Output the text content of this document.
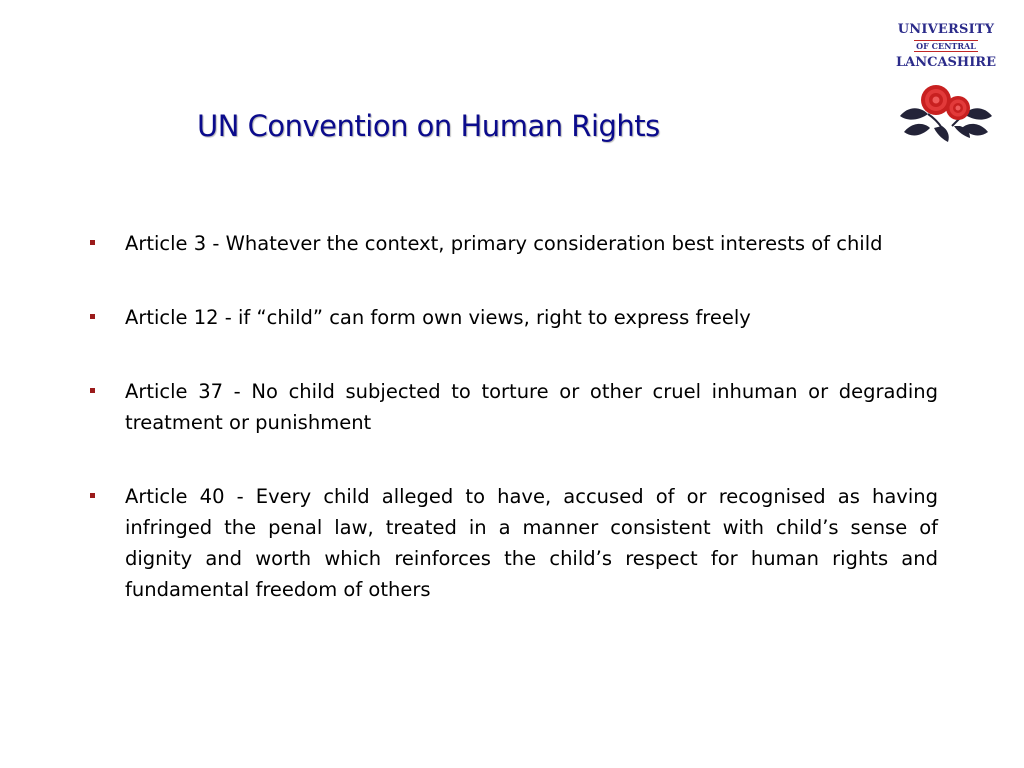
UN Convention on Human Rights
UNIVERSITY
OF CENTRAL
LANCASHIRE
Article 3 - Whatever the context, primary consideration best interests of child
Article 12 - if “child” can form own views, right to express freely
Article 37 - No child subjected to torture or other cruel inhuman or degrading treatment or punishment
Article 40 - Every child alleged to have, accused of or recognised as having infringed the penal law, treated in a manner consistent with child’s sense of dignity and worth which reinforces the child’s respect for human rights and fundamental freedom of others
